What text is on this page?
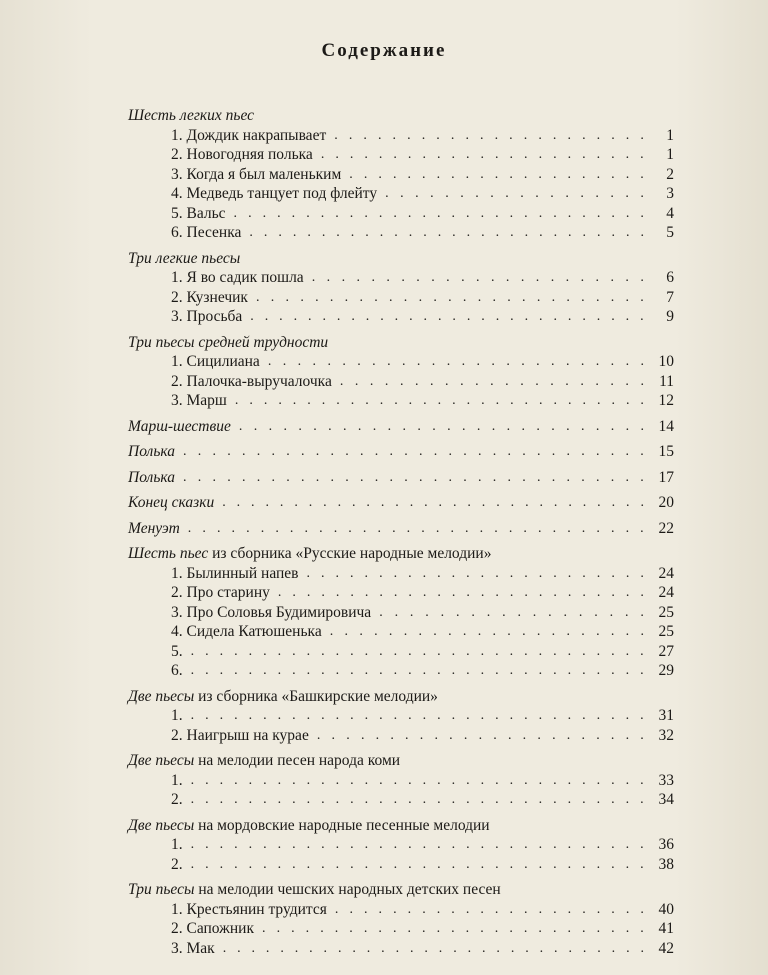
Содержание
Шесть легких пьес
1. Дождик накрапывает	1
. . . . . . . . . . . . . . . . . . . . . .
2. Новогодняя полька	1
. . . . . . . . . . . . . . . . . . . . . . .
3. Когда я был маленьким	2
. . . . . . . . . . . . . . . . . . . . .
4. Медведь танцует под флейту	3
. . . . . . . . . . . . . . . . . .
5. Вальс	4
. . . . . . . . . . . . . . . . . . . . . . . . . . . . .
6. Песенка	5
. . . . . . . . . . . . . . . . . . . . . . . . . . . .
Три легкие пьесы
1. Я во садик пошла	6
. . . . . . . . . . . . . . . . . . . . . . .
2. Кузнечик	7
. . . . . . . . . . . . . . . . . . . . . . . . . . .
3. Просьба	9
. . . . . . . . . . . . . . . . . . . . . . . . . . . .
Три пьесы средней трудности
1. Сицилиана	10
. . . . . . . . . . . . . . . . . . . . . . . . . .
2. Палочка-выручалочка	11
. . . . . . . . . . . . . . . . . . . . .
3. Марш	12
. . . . . . . . . . . . . . . . . . . . . . . . . . . . .
Марш-шествие	14
. . . . . . . . . . . . . . . . . . . . . . . . . . . .
Полька	15
. . . . . . . . . . . . . . . . . . . . . . . . . . . . . . . .
Полька	17
. . . . . . . . . . . . . . . . . . . . . . . . . . . . . . . .
Конец сказки	20
. . . . . . . . . . . . . . . . . . . . . . . . . . . . . .
Менуэт	22
. . . . . . . . . . . . . . . . . . . . . . . . . . . . . . . .
Шесть пьес из сборника «Русские народные мелодии»
1. Былинный напев	24
. . . . . . . . . . . . . . . . . . . . . . . .
2. Про старину	24
. . . . . . . . . . . . . . . . . . . . . . . . . .
3. Про Соловья Будимировича	25
. . . . . . . . . . . . . . . . . .
4. Сидела Катюшенька	25
. . . . . . . . . . . . . . . . . . . . . .
5.	27
. . . . . . . . . . . . . . . . . . . . . . . . . . . . . . . .
6.	29
. . . . . . . . . . . . . . . . . . . . . . . . . . . . . . . .
Две пьесы из сборника «Башкирские мелодии»
1.	31
. . . . . . . . . . . . . . . . . . . . . . . . . . . . . . . .
2. Наигрыш на курае	32
. . . . . . . . . . . . . . . . . . . . . . .
Две пьесы на мелодии песен народа коми
1.	33
. . . . . . . . . . . . . . . . . . . . . . . . . . . . . . . .
2.	34
. . . . . . . . . . . . . . . . . . . . . . . . . . . . . . . .
Две пьесы на мордовские народные песенные мелодии
1.	36
. . . . . . . . . . . . . . . . . . . . . . . . . . . . . . . .
2.	38
. . . . . . . . . . . . . . . . . . . . . . . . . . . . . . . .
Три пьесы на мелодии чешских народных детских песен
1. Крестьянин трудится	40
. . . . . . . . . . . . . . . . . . . . . .
2. Сапожник	41
. . . . . . . . . . . . . . . . . . . . . . . . . . .
3. Мак	42
. . . . . . . . . . . . . . . . . . . . . . . . . . . . . .
